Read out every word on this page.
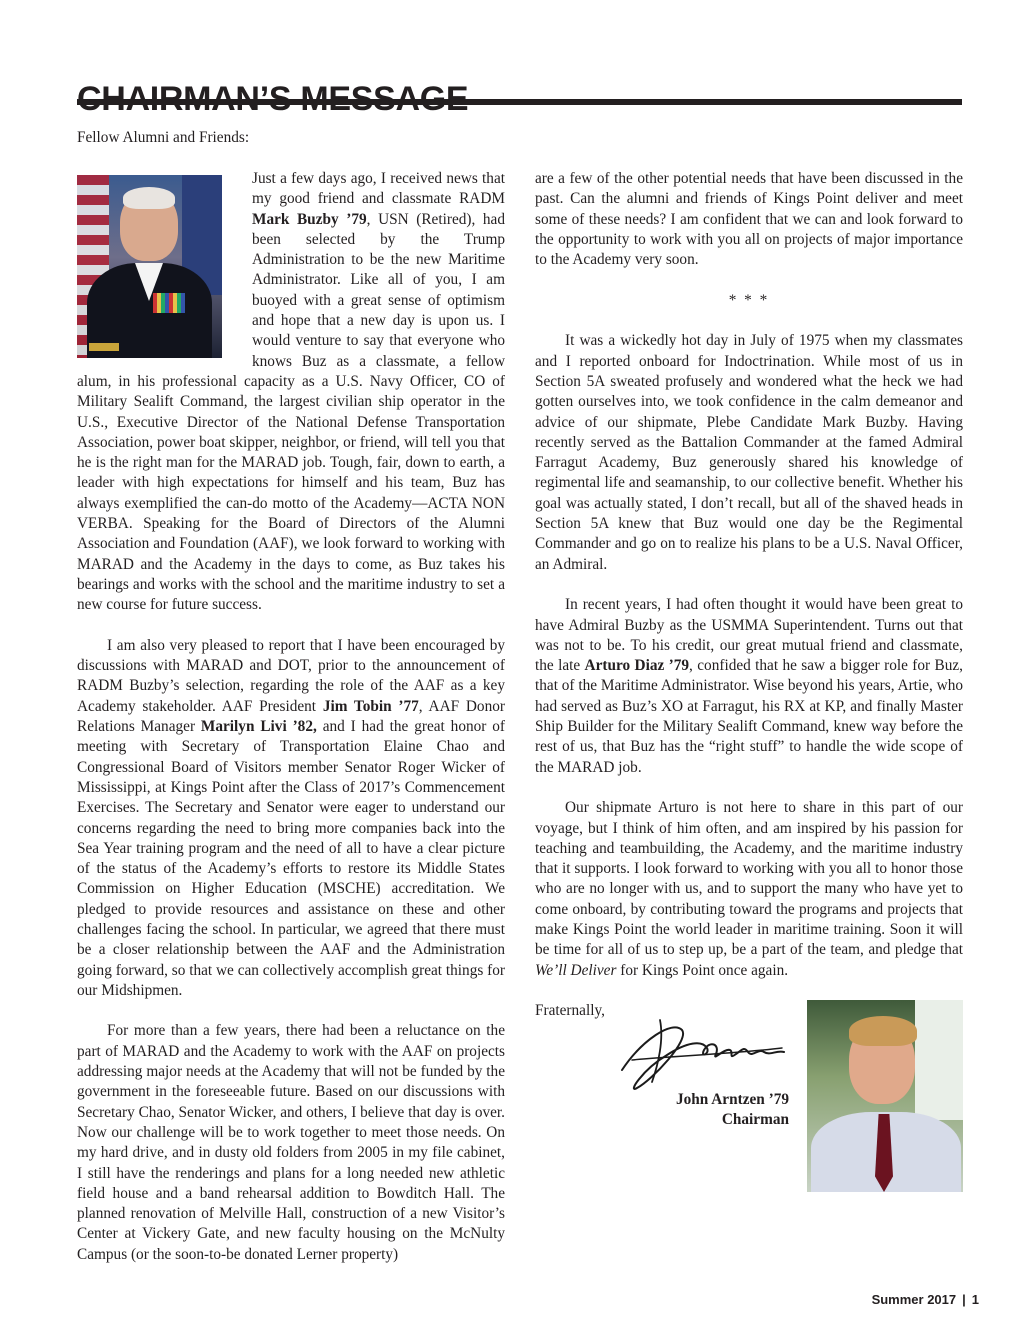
Fellow Alumni and Friends:

Just a few days ago, I received news that my good friend and classmate RADM Mark Buzby ’79, USN (Retired), had been selected by the Trump Administration to be the new Maritime Administrator. Like all of you, I am buoyed with a great sense of optimism and hope that a new day is upon us. I would venture to say that everyone who knows Buz as a classmate, a fellow alum, in his professional capacity as a U.S. Navy Officer, CO of Military Sealift Command, the largest civilian ship operator in the U.S., Executive Director of the National Defense Transportation Association, power boat skipper, neighbor, or friend, will tell you that he is the right man for the MARAD job. Tough, fair, down to earth, a leader with high expectations for himself and his team, Buz has always exemplified the can-do motto of the Academy—ACTA NON VERBA. Speaking for the Board of Directors of the Alumni Association and Foundation (AAF), we look forward to working with MARAD and the Academy in the days to come, as Buz takes his bearings and works with the school and the maritime industry to set a new course for future success.

I am also very pleased to report that I have been encouraged by discussions with MARAD and DOT, prior to the announcement of RADM Buzby’s selection, regarding the role of the AAF as a key Academy stakeholder. AAF President Jim Tobin ’77, AAF Donor Relations Manager Marilyn Livi ’82, and I had the great honor of meeting with Secretary of Transportation Elaine Chao and Congressional Board of Visitors member Senator Roger Wicker of Mississippi, at Kings Point after the Class of 2017’s Commencement Exercises. The Secretary and Senator were eager to understand our concerns regarding the need to bring more companies back into the Sea Year training program and the need of all to have a clear picture of the status of the Academy’s efforts to restore its Middle States Commission on Higher Education (MSCHE) accreditation. We pledged to provide resources and assistance on these and other challenges facing the school. In particular, we agreed that there must be a closer relationship between the AAF and the Administration going forward, so that we can collectively accomplish great things for our Midshipmen.

For more than a few years, there had been a reluctance on the part of MARAD and the Academy to work with the AAF on projects addressing major needs at the Academy that will not be funded by the government in the foreseeable future. Based on our discussions with Secretary Chao, Senator Wicker, and others, I believe that day is over. Now our challenge will be to work together to meet those needs. On my hard drive, and in dusty old folders from 2005 in my file cabinet, I still have the renderings and plans for a long needed new athletic field house and a band rehearsal addition to Bowditch Hall. The planned renovation of Melville Hall, construction of a new Visitor’s Center at Vickery Gate, and new faculty housing on the McNulty Campus (or the soon-to-be donated Lerner property)

are a few of the other potential needs that have been discussed in the past. Can the alumni and friends of Kings Point deliver and meet some of these needs? I am confident that we can and look forward to the opportunity to work with you all on projects of major importance to the Academy very soon.

* * *

It was a wickedly hot day in July of 1975 when my classmates and I reported onboard for Indoctrination. While most of us in Section 5A sweated profusely and wondered what the heck we had gotten ourselves into, we took confidence in the calm demeanor and advice of our shipmate, Plebe Candidate Mark Buzby. Having recently served as the Battalion Commander at the famed Admiral Farragut Academy, Buz generously shared his knowledge of regimental life and seamanship, to our collective benefit. Whether his goal was actually stated, I don’t recall, but all of the shaved heads in Section 5A knew that Buz would one day be the Regimental Commander and go on to realize his plans to be a U.S. Naval Officer, an Admiral.

In recent years, I had often thought it would have been great to have Admiral Buzby as the USMMA Superintendent. Turns out that was not to be. To his credit, our great mutual friend and classmate, the late Arturo Diaz ’79, confided that he saw a bigger role for Buz, that of the Maritime Administrator. Wise beyond his years, Artie, who had served as Buz’s XO at Farragut, his RX at KP, and finally Master Ship Builder for the Military Sealift Command, knew way before the rest of us, that Buz has the “right stuff” to handle the wide scope of the MARAD job.

Our shipmate Arturo is not here to share in this part of our voyage, but I think of him often, and am inspired by his passion for teaching and teambuilding, the Academy, and the maritime industry that it supports. I look forward to working with you all to honor those who are no longer with us, and to support the many who have yet to come onboard, by contributing toward the programs and projects that make Kings Point the world leader in maritime training. Soon it will be time for all of us to step up, be a part of the team, and pledge that We’ll Deliver for Kings Point once again.

Fraternally,

John Arntzen ’79
Chairman
Summer 2017 | 1
